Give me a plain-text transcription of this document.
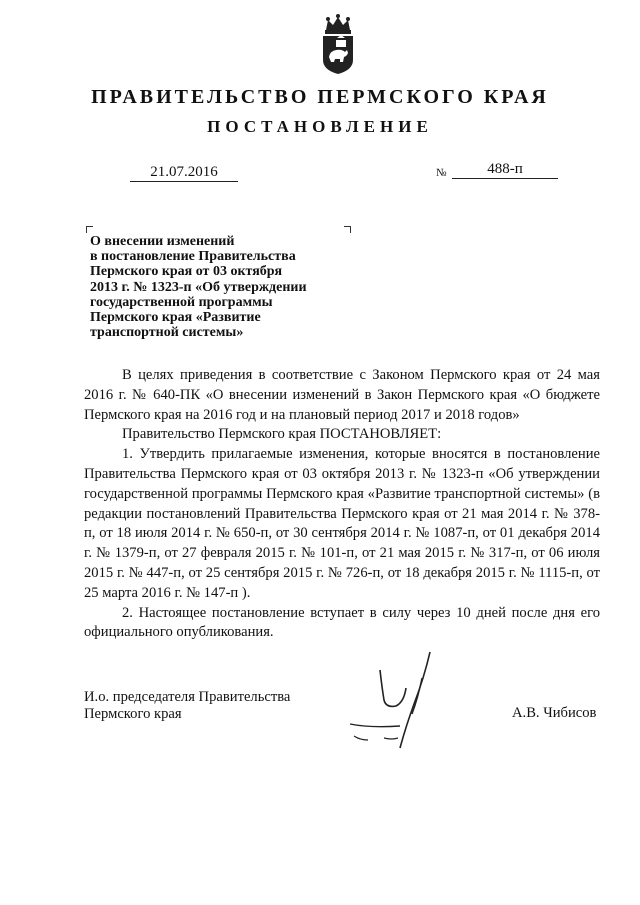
ПРАВИТЕЛЬСТВО ПЕРМСКОГО КРАЯ
ПОСТАНОВЛЕНИЕ
21.07.2016	№	488-п
О внесении изменений
в постановление Правительства
Пермского края от 03 октября
2013 г. № 1323-п «Об утверждении
государственной программы
Пермского края «Развитие
транспортной системы»

В целях приведения в соответствие с Законом Пермского края от 24 мая 2016 г. № 640-ПК «О внесении изменений в Закон Пермского края «О бюджете Пермского края на 2016 год и на плановый период 2017 и 2018 годов»

Правительство Пермского края ПОСТАНОВЛЯЕТ:

1. Утвердить прилагаемые изменения, которые вносятся в постановление Правительства Пермского края от 03 октября 2013 г. № 1323-п «Об утверждении государственной программы Пермского края «Развитие транспортной системы» (в редакции постановлений Правительства Пермского края от 21 мая 2014 г. № 378-п, от 18 июля 2014 г. № 650-п, от 30 сентября 2014 г. № 1087-п, от 01 декабря 2014 г. № 1379-п, от 27 февраля 2015 г. № 101-п, от 21 мая 2015 г. № 317-п, от 06 июля 2015 г. № 447-п, от 25 сентября 2015 г. № 726-п, от 18 декабря 2015 г. № 1115-п, от 25 марта 2016 г. № 147-п ).

2. Настоящее постановление вступает в силу через 10 дней после дня его официального опубликования.

И.о. председателя Правительства
Пермского края	А.В. Чибисов
